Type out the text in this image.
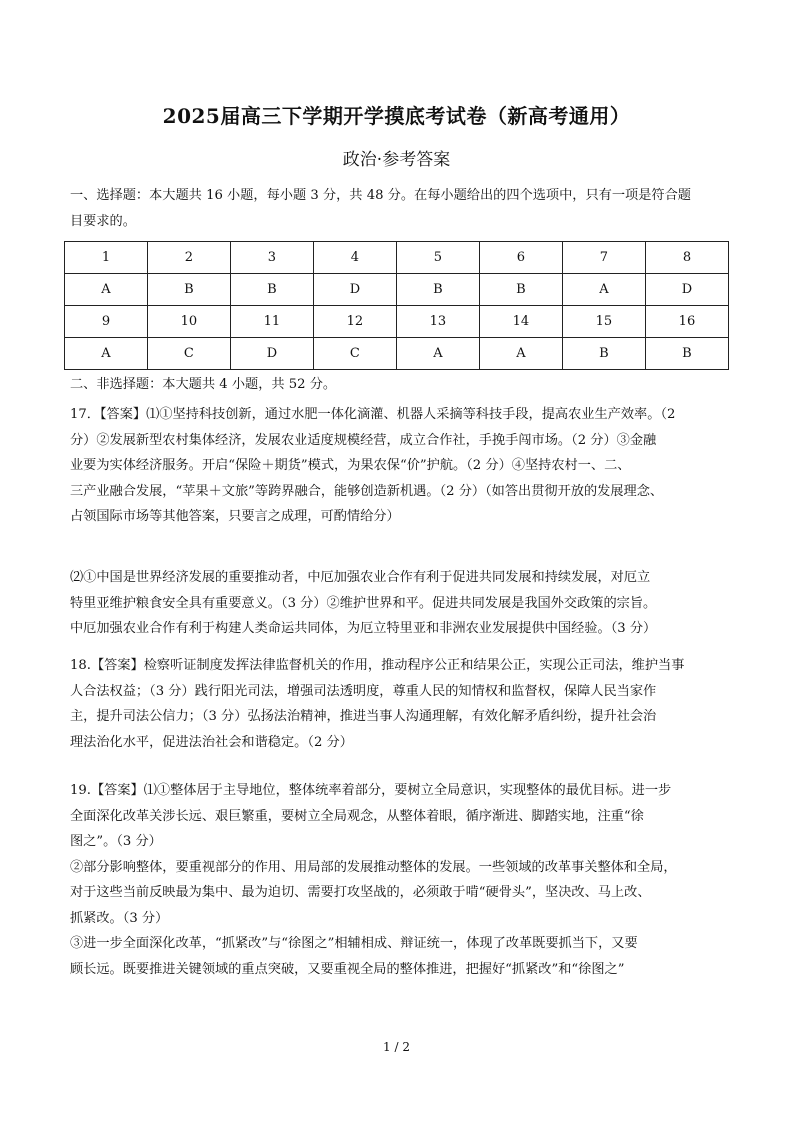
2025届高三下学期开学摸底考试卷（新高考通用）
政治·参考答案
一、选择题：本大题共 16 小题，每小题 3 分，共 48 分。在每小题给出的四个选项中，只有一项是符合题
目要求的。
1	2	3	4	5	6	7	8
A	B	B	D	B	B	A	D
9	10	11	12	13	14	15	16
A	C	D	C	A	A	B	B
二、非选择题：本大题共 4 小题，共 52 分。
17．【答案】⑴①坚持科技创新，通过水肥一体化滴灌、机器人采摘等科技手段，提高农业生产效率。（2
分）②发展新型农村集体经济，发展农业适度规模经营，成立合作社，手挽手闯市场。（2 分）③金融
业要为实体经济服务。开启“保险＋期货”模式，为果农保“价”护航。（2 分）④坚持农村一、二、
三产业融合发展，“苹果＋文旅”等跨界融合，能够创造新机遇。（2 分）（如答出贯彻开放的发展理念、
占领国际市场等其他答案，只要言之成理，可酌情给分）
⑵①中国是世界经济发展的重要推动者，中厄加强农业合作有利于促进共同发展和持续发展，对厄立
特里亚维护粮食安全具有重要意义。（3 分）②维护世界和平。促进共同发展是我国外交政策的宗旨。
中厄加强农业合作有利于构建人类命运共同体，为厄立特里亚和非洲农业发展提供中国经验。（3 分）
18.【答案】检察听证制度发挥法律监督机关的作用，推动程序公正和结果公正，实现公正司法，维护当事
人合法权益；（3 分）践行阳光司法，增强司法透明度，尊重人民的知情权和监督权，保障人民当家作
主，提升司法公信力；（3 分）弘扬法治精神，推进当事人沟通理解，有效化解矛盾纠纷，提升社会治
理法治化水平，促进法治社会和谐稳定。（2 分）
19.【答案】⑴①整体居于主导地位，整体统率着部分，要树立全局意识，实现整体的最优目标。进一步
全面深化改革关涉长远、艰巨繁重，要树立全局观念，从整体着眼，循序渐进、脚踏实地，注重“徐
图之”。（3 分）
②部分影响整体，要重视部分的作用、用局部的发展推动整体的发展。一些领域的改革事关整体和全局，
对于这些当前反映最为集中、最为迫切、需要打攻坚战的，必须敢于啃“硬骨头”，坚决改、马上改、
抓紧改。（3 分）
③进一步全面深化改革，“抓紧改”与“徐图之”相辅相成、辩证统一，体现了改革既要抓当下，又要
顾长远。既要推进关键领域的重点突破，又要重视全局的整体推进，把握好“抓紧改”和“徐图之”
1 / 2
